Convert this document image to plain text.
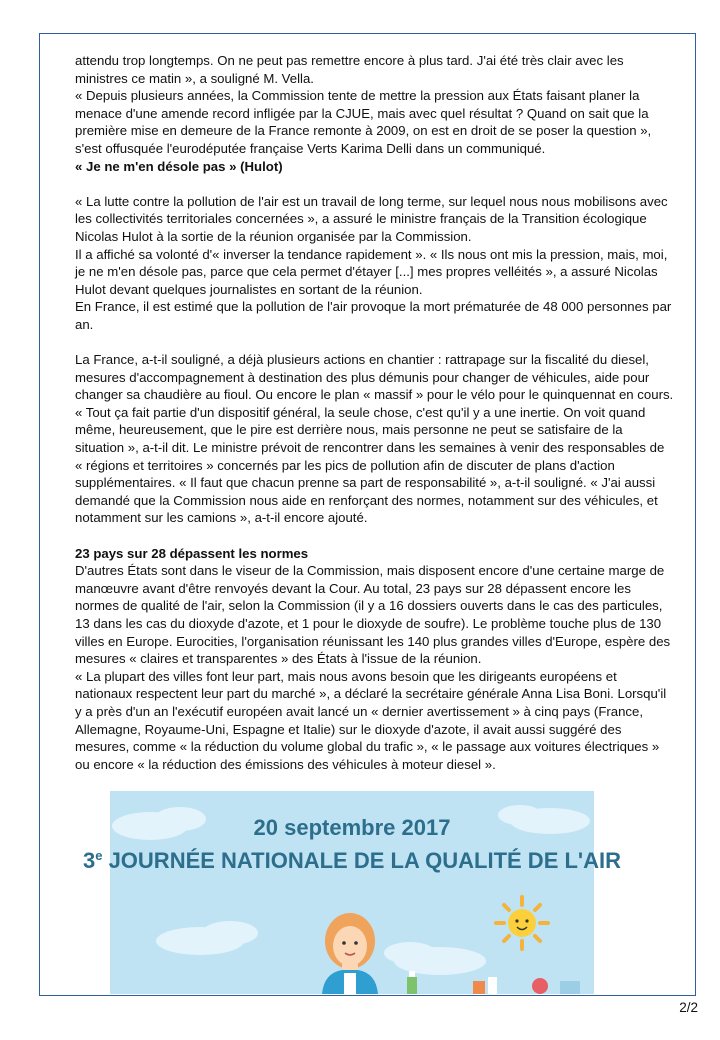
attendu trop longtemps. On ne peut pas remettre encore à plus tard. J'ai été très clair avec les ministres ce matin », a souligné M. Vella.

« Depuis plusieurs années, la Commission tente de mettre la pression aux États faisant planer la menace d'une amende record infligée par la CJUE, mais avec quel résultat ? Quand on sait que la première mise en demeure de la France remonte à 2009, on est en droit de se poser la question », s'est offusquée l'eurodéputée française Verts Karima Delli dans un communiqué.

« Je ne m'en désole pas » (Hulot)

« La lutte contre la pollution de l'air est un travail de long terme, sur lequel nous nous mobilisons avec les collectivités territoriales concernées », a assuré le ministre français de la Transition écologique Nicolas Hulot à la sortie de la réunion organisée par la Commission.

Il a affiché sa volonté d'« inverser la tendance rapidement ». « Ils nous ont mis la pression, mais, moi, je ne m'en désole pas, parce que cela permet d'étayer [...] mes propres velléités », a assuré Nicolas Hulot devant quelques journalistes en sortant de la réunion.

En France, il est estimé que la pollution de l'air provoque la mort prématurée de 48 000 personnes par an.

La France, a-t-il souligné, a déjà plusieurs actions en chantier : rattrapage sur la fiscalité du diesel, mesures d'accompagnement à destination des plus démunis pour changer de véhicules, aide pour changer sa chaudière au fioul. Ou encore le plan « massif » pour le vélo pour le quinquennat en cours. « Tout ça fait partie d'un dispositif général, la seule chose, c'est qu'il y a une inertie. On voit quand même, heureusement, que le pire est derrière nous, mais personne ne peut se satisfaire de la situation », a-t-il dit. Le ministre prévoit de rencontrer dans les semaines à venir des responsables de « régions et territoires » concernés par les pics de pollution afin de discuter de plans d'action supplémentaires. « Il faut que chacun prenne sa part de responsabilité », a-t-il souligné. « J'ai aussi demandé que la Commission nous aide en renforçant des normes, notamment sur des véhicules, et notamment sur les camions », a-t-il encore ajouté.

23 pays sur 28 dépassent les normes

D'autres États sont dans le viseur de la Commission, mais disposent encore d'une certaine marge de manœuvre avant d'être renvoyés devant la Cour. Au total, 23 pays sur 28 dépassent encore les normes de qualité de l'air, selon la Commission (il y a 16 dossiers ouverts dans le cas des particules, 13 dans les cas du dioxyde d'azote, et 1 pour le dioxyde de soufre). Le problème touche plus de 130 villes en Europe. Eurocities, l'organisation réunissant les 140 plus grandes villes d'Europe, espère des mesures « claires et transparentes » des États à l'issue de la réunion.

« La plupart des villes font leur part, mais nous avons besoin que les dirigeants européens et nationaux respectent leur part du marché », a déclaré la secrétaire générale Anna Lisa Boni. Lorsqu'il y a près d'un an l'exécutif européen avait lancé un « dernier avertissement » à cinq pays (France, Allemagne, Royaume-Uni, Espagne et Italie) sur le dioxyde d'azote, il avait aussi suggéré des mesures, comme « la réduction du volume global du trafic », « le passage aux voitures électriques » ou encore « la réduction des émissions des véhicules à moteur diesel ».

20 septembre 2017
3e JOURNÉE NATIONALE DE LA QUALITÉ DE L'AIR
2/2
